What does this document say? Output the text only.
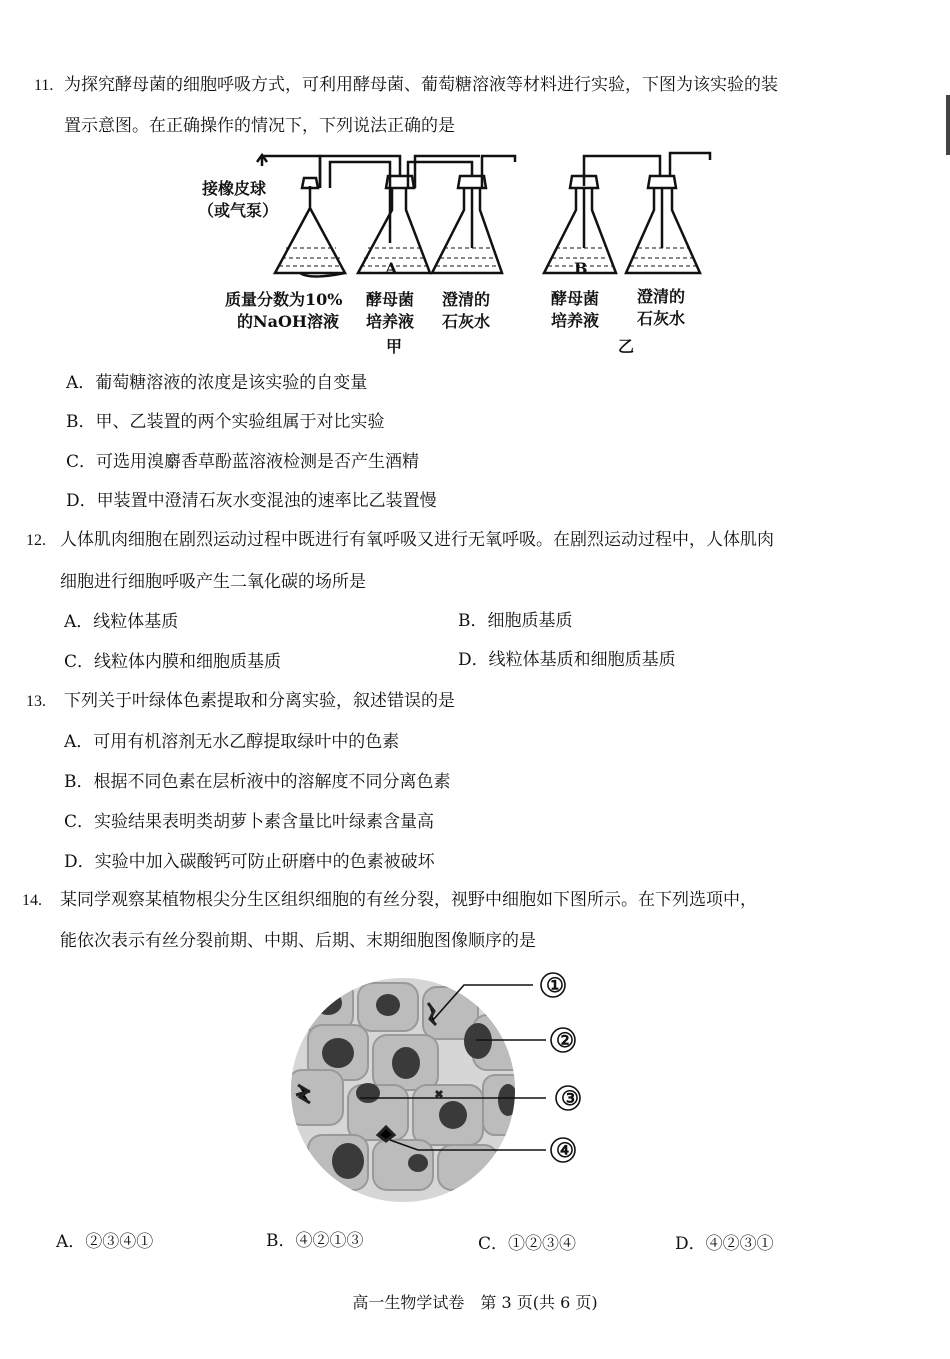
11. 为探究酵母菌的细胞呼吸方式，可利用酵母菌、葡萄糖溶液等材料进行实验，下图为该实验的装
置示意图。在正确操作的情况下，下列说法正确的是
接橡皮球
（或气泵）
A	B
质量分数为10%
的NaOH溶液
酵母菌
培养液
澄清的
石灰水
甲
酵母菌
培养液
澄清的
石灰水
乙
A．葡萄糖溶液的浓度是该实验的自变量
B．甲、乙装置的两个实验组属于对比实验
C．可选用溴麝香草酚蓝溶液检测是否产生酒精
D．甲装置中澄清石灰水变混浊的速率比乙装置慢
12. 人体肌肉细胞在剧烈运动过程中既进行有氧呼吸又进行无氧呼吸。在剧烈运动过程中，人体肌肉
细胞进行细胞呼吸产生二氧化碳的场所是
A．线粒体基质	B．细胞质基质
C．线粒体内膜和细胞质基质	D．线粒体基质和细胞质基质
13. 下列关于叶绿体色素提取和分离实验，叙述错误的是
A．可用有机溶剂无水乙醇提取绿叶中的色素
B．根据不同色素在层析液中的溶解度不同分离色素
C．实验结果表明类胡萝卜素含量比叶绿素含量高
D．实验中加入碳酸钙可防止研磨中的色素被破坏
14. 某同学观察某植物根尖分生区组织细胞的有丝分裂，视野中细胞如下图所示。在下列选项中，
能依次表示有丝分裂前期、中期、后期、末期细胞图像顺序的是
①
②
③
④
A．②③④①	B．④②①③	C．①②③④	D．④②③①
高一生物学试卷　第 3 页(共 6 页)
